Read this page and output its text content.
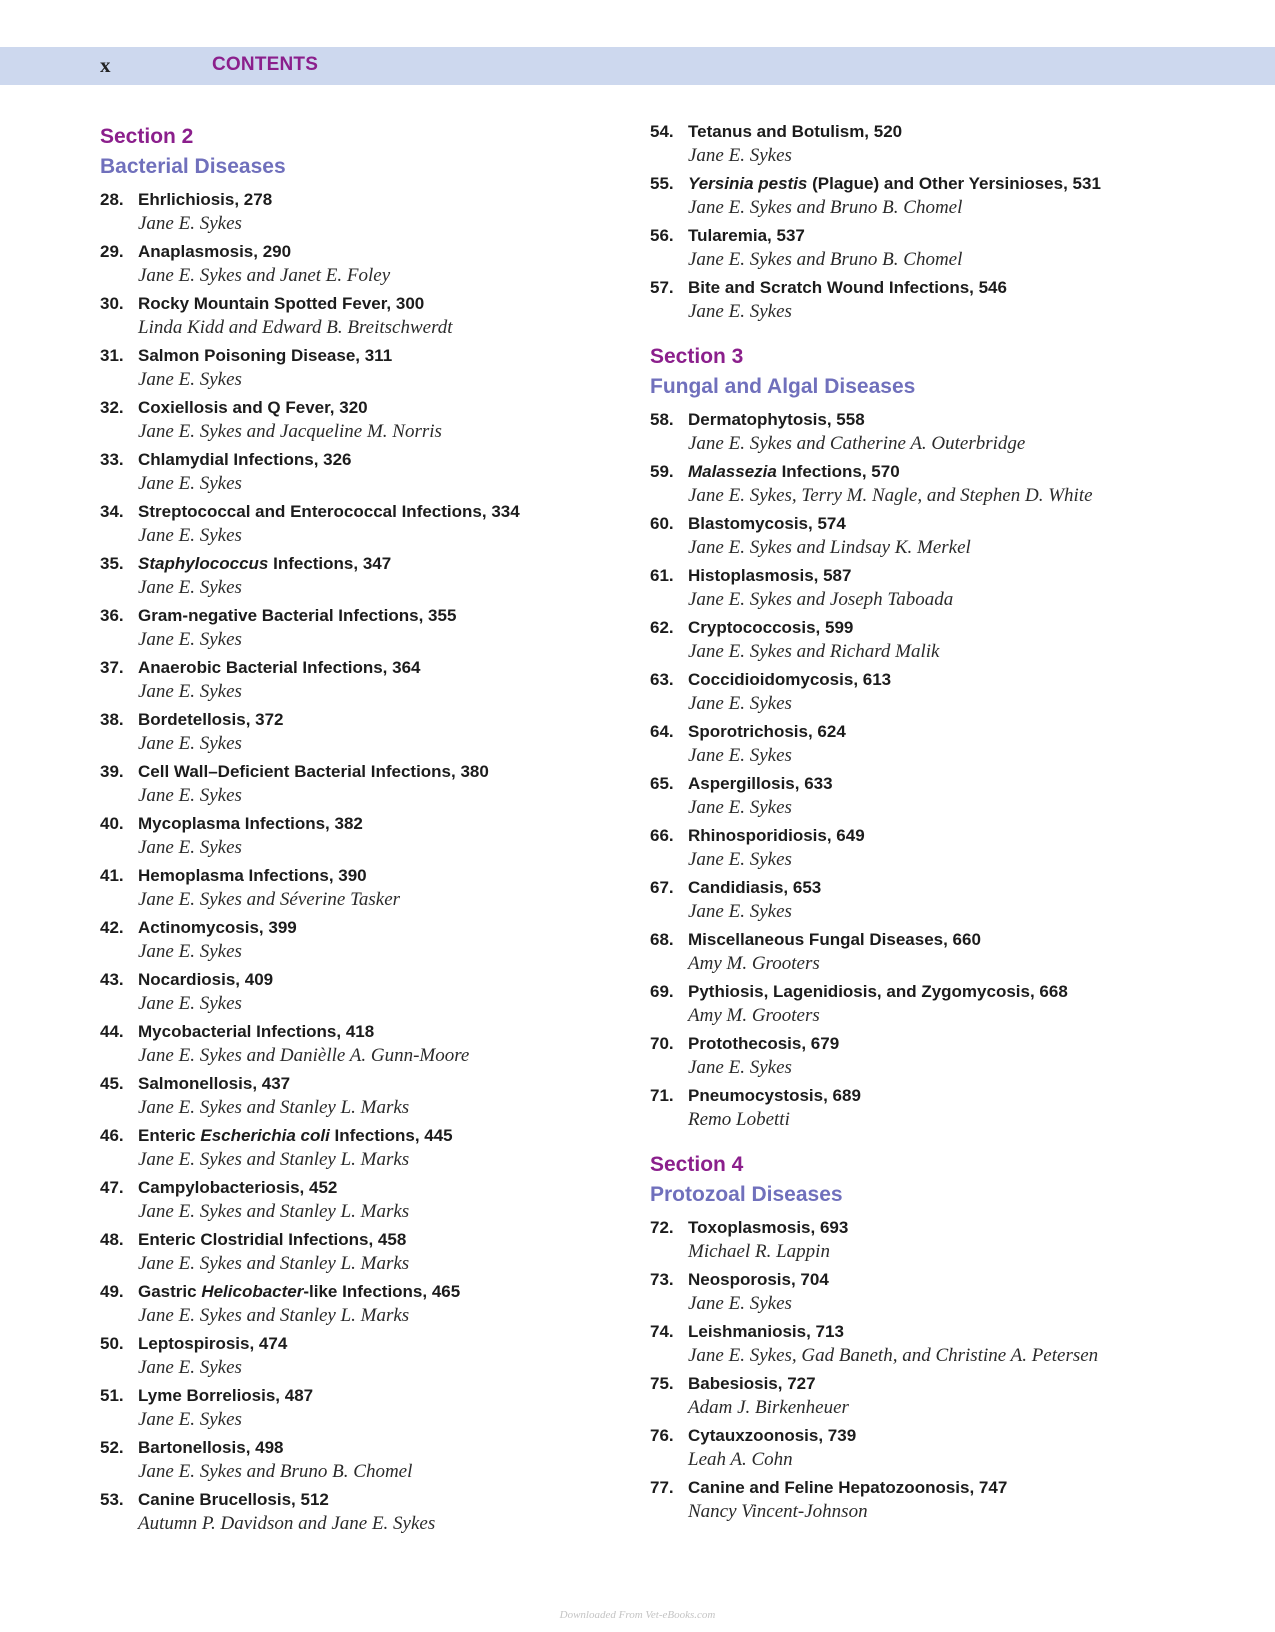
x	CONTENTS
Section 2
Bacterial Diseases
28. Ehrlichiosis, 278
Jane E. Sykes
29. Anaplasmosis, 290
Jane E. Sykes and Janet E. Foley
30. Rocky Mountain Spotted Fever, 300
Linda Kidd and Edward B. Breitschwerdt
31. Salmon Poisoning Disease, 311
Jane E. Sykes
32. Coxiellosis and Q Fever, 320
Jane E. Sykes and Jacqueline M. Norris
33. Chlamydial Infections, 326
Jane E. Sykes
34. Streptococcal and Enterococcal Infections, 334
Jane E. Sykes
35. Staphylococcus Infections, 347
Jane E. Sykes
36. Gram-negative Bacterial Infections, 355
Jane E. Sykes
37. Anaerobic Bacterial Infections, 364
Jane E. Sykes
38. Bordetellosis, 372
Jane E. Sykes
39. Cell Wall–Deficient Bacterial Infections, 380
Jane E. Sykes
40. Mycoplasma Infections, 382
Jane E. Sykes
41. Hemoplasma Infections, 390
Jane E. Sykes and Séverine Tasker
42. Actinomycosis, 399
Jane E. Sykes
43. Nocardiosis, 409
Jane E. Sykes
44. Mycobacterial Infections, 418
Jane E. Sykes and Danièlle A. Gunn-Moore
45. Salmonellosis, 437
Jane E. Sykes and Stanley L. Marks
46. Enteric Escherichia coli Infections, 445
Jane E. Sykes and Stanley L. Marks
47. Campylobacteriosis, 452
Jane E. Sykes and Stanley L. Marks
48. Enteric Clostridial Infections, 458
Jane E. Sykes and Stanley L. Marks
49. Gastric Helicobacter-like Infections, 465
Jane E. Sykes and Stanley L. Marks
50. Leptospirosis, 474
Jane E. Sykes
51. Lyme Borreliosis, 487
Jane E. Sykes
52. Bartonellosis, 498
Jane E. Sykes and Bruno B. Chomel
53. Canine Brucellosis, 512
Autumn P. Davidson and Jane E. Sykes
54. Tetanus and Botulism, 520
Jane E. Sykes
55. Yersinia pestis (Plague) and Other Yersinioses, 531
Jane E. Sykes and Bruno B. Chomel
56. Tularemia, 537
Jane E. Sykes and Bruno B. Chomel
57. Bite and Scratch Wound Infections, 546
Jane E. Sykes
Section 3
Fungal and Algal Diseases
58. Dermatophytosis, 558
Jane E. Sykes and Catherine A. Outerbridge
59. Malassezia Infections, 570
Jane E. Sykes, Terry M. Nagle, and Stephen D. White
60. Blastomycosis, 574
Jane E. Sykes and Lindsay K. Merkel
61. Histoplasmosis, 587
Jane E. Sykes and Joseph Taboada
62. Cryptococcosis, 599
Jane E. Sykes and Richard Malik
63. Coccidioidomycosis, 613
Jane E. Sykes
64. Sporotrichosis, 624
Jane E. Sykes
65. Aspergillosis, 633
Jane E. Sykes
66. Rhinosporidiosis, 649
Jane E. Sykes
67. Candidiasis, 653
Jane E. Sykes
68. Miscellaneous Fungal Diseases, 660
Amy M. Grooters
69. Pythiosis, Lagenidiosis, and Zygomycosis, 668
Amy M. Grooters
70. Protothecosis, 679
Jane E. Sykes
71. Pneumocystosis, 689
Remo Lobetti
Section 4
Protozoal Diseases
72. Toxoplasmosis, 693
Michael R. Lappin
73. Neosporosis, 704
Jane E. Sykes
74. Leishmaniosis, 713
Jane E. Sykes, Gad Baneth, and Christine A. Petersen
75. Babesiosis, 727
Adam J. Birkenheuer
76. Cytauxzoonosis, 739
Leah A. Cohn
77. Canine and Feline Hepatozoonosis, 747
Nancy Vincent-Johnson
Downloaded From Vet-eBooks.com
